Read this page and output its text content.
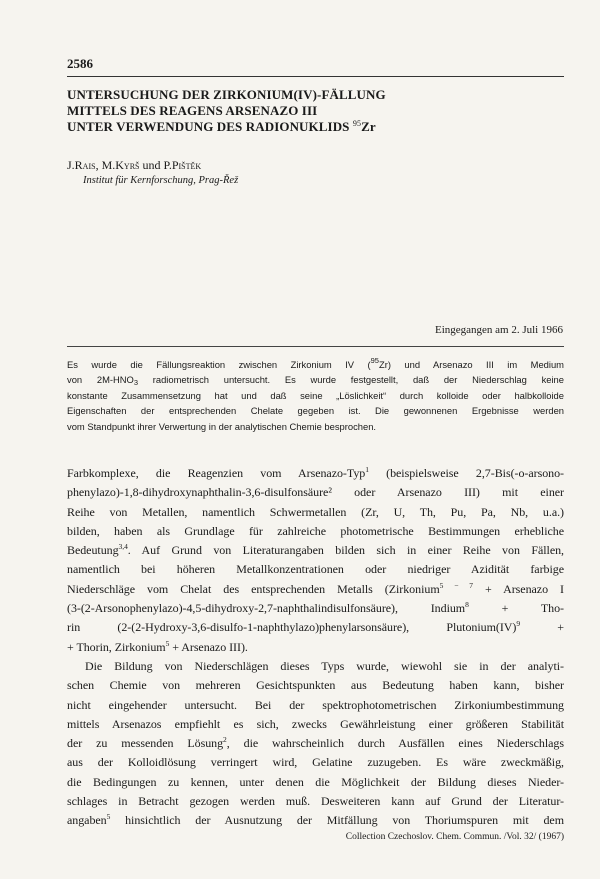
2586
UNTERSUCHUNG DER ZIRKONIUM(IV)-FÄLLUNG
MITTELS DES REAGENS ARSENAZO III
UNTER VERWENDUNG DES RADIONUKLIDS $^{95}$Zr
J.Rais, M.Kyrš und P.Pištěk
Institut für Kernforschung, Prag-Řež
Eingegangen am 2. Juli 1966
Es wurde die Fällungsreaktion zwischen Zirkonium IV ($^{95}$Zr) und Arsenazo III im Medium
von $2M-HNO_3$ radiometrisch untersucht. Es wurde festgestellt, daß der Niederschlag keine
konstante Zusammensetzung hat und daß seine „Löslichkeit“ durch kolloide oder halbkolloide
Eigenschaften der entsprechenden Chelate gegeben ist. Die gewonnenen Ergebnisse werden
vom Standpunkt ihrer Verwertung in der analytischen Chemie besprochen.
Farbkomplexe, die Reagenzien vom Arsenazo-Typ$^1$ (beispielsweise 2,7-Bis(-o-arsono-
phenylazo)-1,8-dihydroxynaphthalin-3,6-disulfonsäure² oder Arsenazo III) mit einer
Reihe von Metallen, namentlich Schwermetallen (Zr, U, Th, Pu, Pa, Nb, u.a.)
bilden, haben als Grundlage für zahlreiche photometrische Bestimmungen erhebliche
Bedeutung$^{3,4}$. Auf Grund von Literaturangaben bilden sich in einer Reihe von Fällen,
namentlich bei höheren Metallkonzentrationen oder niedriger Azidität farbige
Niederschläge vom Chelat des entsprechenden Metalls (Zirkonium$^{5 - 7}$ + Arsenazo I
(3-(2-Arsonophenylazo)-4,5-dihydroxy-2,7-naphthalindisulfonsäure), Indium$^8$ + Tho-
rin (2-(2-Hydroxy-3,6-disulfo-1-naphthylazo)phenylarsonsäure), Plutonium(IV)$^9$ +
+ Thorin, Zirkonium$^5$ + Arsenazo III).
Die Bildung von Niederschlägen dieses Typs wurde, wiewohl sie in der analyti-
schen Chemie von mehreren Gesichtspunkten aus Bedeutung haben kann, bisher
nicht eingehender untersucht. Bei der spektrophotometrischen Zirkoniumbestimmung
mittels Arsenazos empfiehlt es sich, zwecks Gewährleistung einer größeren Stabilität
der zu messenden Lösung$^2$, die wahrscheinlich durch Ausfällen eines Niederschlags
aus der Kolloidlösung verringert wird, Gelatine zuzugeben. Es wäre zweckmäßig,
die Bedingungen zu kennen, unter denen die Möglichkeit der Bildung dieses Nieder-
schlages in Betracht gezogen werden muß. Desweiteren kann auf Grund der Literatur-
angaben$^5$ hinsichtlich der Ausnutzung der Mitfällung von Thoriumspuren mit dem
Collection Czechoslov. Chem. Commun. /Vol. 32/ (1967)
